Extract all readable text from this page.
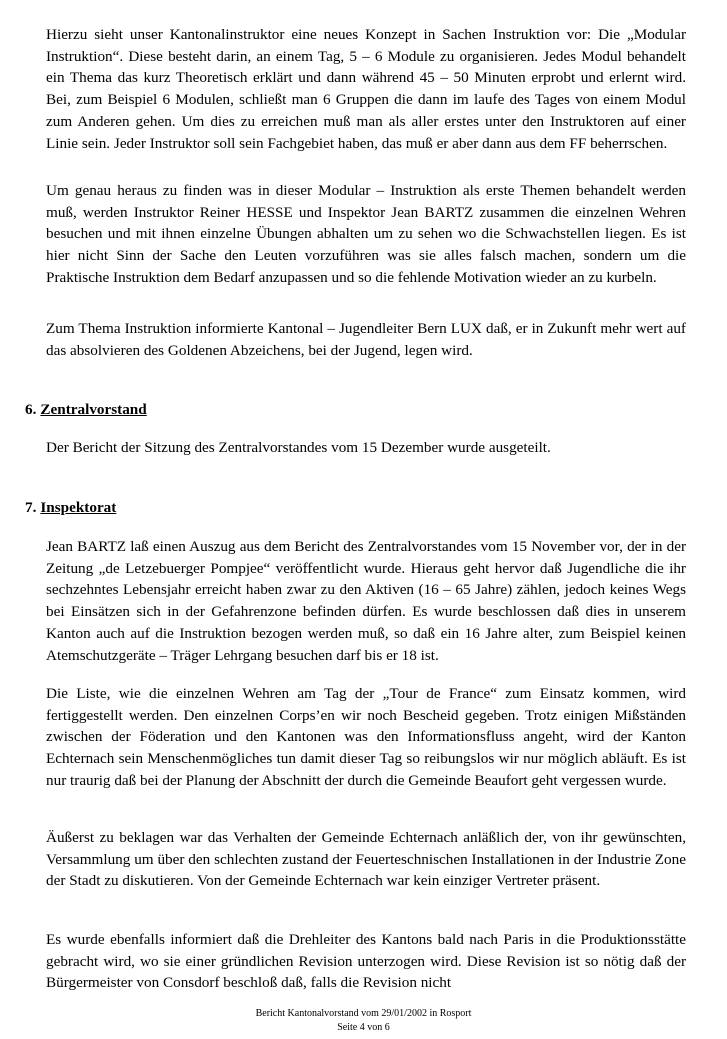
Hierzu sieht unser Kantonalinstruktor eine neues Konzept in Sachen Instruktion vor: Die „Modular Instruktion“. Diese besteht darin, an einem Tag, 5 – 6 Module zu organisieren. Jedes Modul behandelt ein Thema das kurz Theoretisch erklärt und dann während 45 – 50 Minuten erprobt und erlernt wird. Bei, zum Beispiel 6 Modulen, schließt man 6 Gruppen die dann im laufe des Tages von einem Modul zum Anderen gehen. Um dies zu erreichen muß man als aller erstes unter den Instruktoren auf einer Linie sein. Jeder Instruktor soll sein Fachgebiet haben, das muß er aber dann aus dem FF beherrschen.

Um genau heraus zu finden was in dieser Modular – Instruktion als erste Themen behandelt werden muß, werden Instruktor Reiner HESSE und Inspektor Jean BARTZ zusammen die einzelnen Wehren besuchen und mit ihnen einzelne Übungen abhalten um zu sehen wo die Schwachstellen liegen. Es ist hier nicht Sinn der Sache den Leuten vorzuführen was sie alles falsch machen, sondern um die Praktische Instruktion dem Bedarf anzupassen und so die fehlende Motivation wieder an zu kurbeln.

Zum Thema Instruktion informierte Kantonal – Jugendleiter Bern LUX daß, er in Zukunft mehr wert auf das absolvieren des Goldenen Abzeichens, bei der Jugend, legen wird.

6. Zentralvorstand

Der Bericht der Sitzung des Zentralvorstandes vom 15 Dezember wurde ausgeteilt.

7. Inspektorat

Jean BARTZ laß einen Auszug aus dem Bericht des Zentralvorstandes vom 15 November vor, der in der Zeitung „de Letzebuerger Pompjee“ veröffentlicht wurde. Hieraus geht hervor daß Jugendliche die ihr sechzehntes Lebensjahr erreicht haben zwar zu den Aktiven (16 – 65 Jahre) zählen, jedoch keines Wegs bei Einsätzen sich in der Gefahrenzone befinden dürfen. Es wurde beschlossen daß dies in unserem Kanton auch auf die Instruktion bezogen werden muß, so daß ein 16 Jahre alter, zum Beispiel keinen Atemschutzgeräte – Träger Lehrgang besuchen darf bis er 18 ist.

Die Liste, wie die einzelnen Wehren am Tag der „Tour de France“ zum Einsatz kommen, wird fertiggestellt werden. Den einzelnen Corps’en wir noch Bescheid gegeben. Trotz einigen Mißständen zwischen der Föderation und den Kantonen was den Informationsfluss angeht, wird der Kanton Echternach sein Menschenmögliches tun damit dieser Tag so reibungslos wir nur möglich abläuft. Es ist nur traurig daß bei der Planung der Abschnitt der durch die Gemeinde Beaufort geht vergessen wurde.

Äußerst zu beklagen war das Verhalten der Gemeinde Echternach anläßlich der, von ihr gewünschten, Versammlung um über den schlechten zustand der Feuerteschnischen Installationen in der Industrie Zone der Stadt zu diskutieren. Von der Gemeinde Echternach war kein einziger Vertreter präsent.

Es wurde ebenfalls informiert daß die Drehleiter des Kantons bald nach Paris in die Produktionsstätte gebracht wird, wo sie einer gründlichen Revision unterzogen wird. Diese Revision ist so nötig daß der Bürgermeister von Consdorf beschloß daß, falls die Revision nicht

Bericht Kantonalvorstand vom 29/01/2002 in Rosport
Seite 4 von 6
